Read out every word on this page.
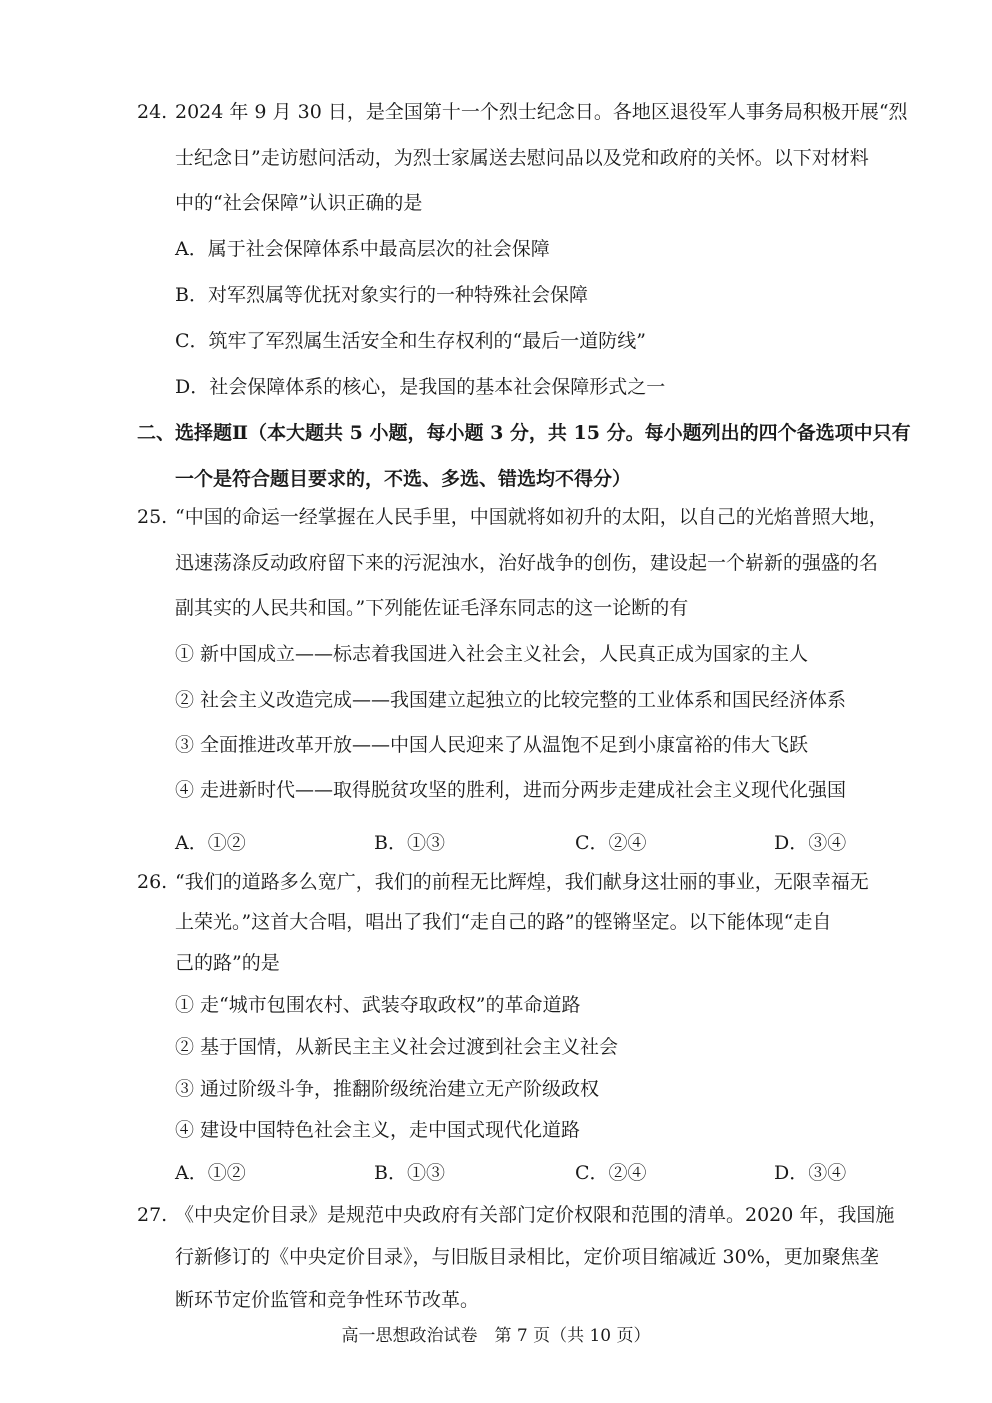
24. 2024 年 9 月 30 日，是全国第十一个烈士纪念日。各地区退役军人事务局积极开展“烈
士纪念日”走访慰问活动，为烈士家属送去慰问品以及党和政府的关怀。以下对材料
中的“社会保障”认识正确的是
A．属于社会保障体系中最高层次的社会保障
B．对军烈属等优抚对象实行的一种特殊社会保障
C．筑牢了军烈属生活安全和生存权利的“最后一道防线”
D．社会保障体系的核心，是我国的基本社会保障形式之一
二、选择题Ⅱ（本大题共 5 小题，每小题 3 分，共 15 分。每小题列出的四个备选项中只有
一个是符合题目要求的，不选、多选、错选均不得分）
25. “中国的命运一经掌握在人民手里，中国就将如初升的太阳，以自己的光焰普照大地，
迅速荡涤反动政府留下来的污泥浊水，治好战争的创伤，建设起一个崭新的强盛的名
副其实的人民共和国。”下列能佐证毛泽东同志的这一论断的有
① 新中国成立——标志着我国进入社会主义社会，人民真正成为国家的主人
② 社会主义改造完成——我国建立起独立的比较完整的工业体系和国民经济体系
③ 全面推进改革开放——中国人民迎来了从温饱不足到小康富裕的伟大飞跃
④ 走进新时代——取得脱贫攻坚的胜利，进而分两步走建成社会主义现代化强国
A．①②	B．①③	C．②④	D．③④
26. “我们的道路多么宽广，我们的前程无比辉煌，我们献身这壮丽的事业，无限幸福无
上荣光。”这首大合唱，唱出了我们“走自己的路”的铿锵坚定。以下能体现“走自
己的路”的是
① 走“城市包围农村、武装夺取政权”的革命道路
② 基于国情，从新民主主义社会过渡到社会主义社会
③ 通过阶级斗争，推翻阶级统治建立无产阶级政权
④ 建设中国特色社会主义，走中国式现代化道路
A．①②	B．①③	C．②④	D．③④
27. 《中央定价目录》是规范中央政府有关部门定价权限和范围的清单。2020 年，我国施
行新修订的《中央定价目录》，与旧版目录相比，定价项目缩减近 30%，更加聚焦垄
断环节定价监管和竞争性环节改革。
高一思想政治试卷　第 7 页（共 10 页）
